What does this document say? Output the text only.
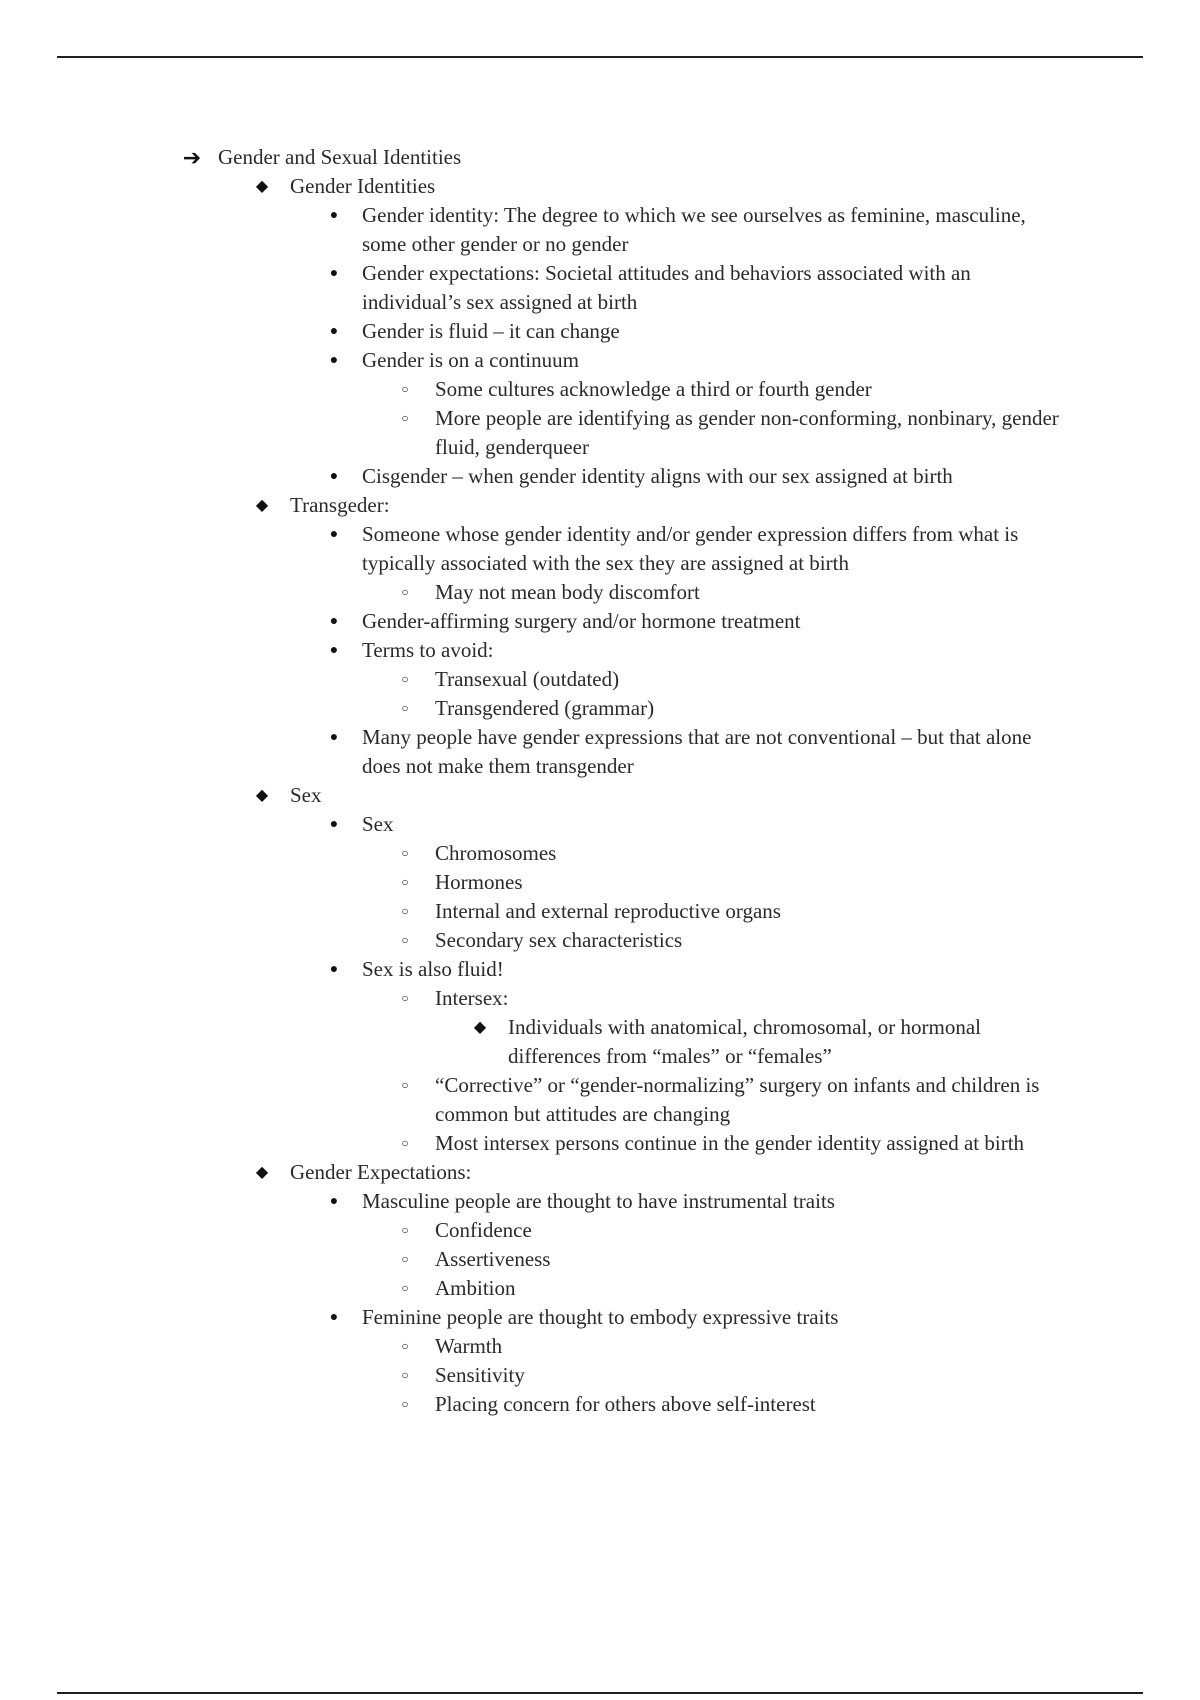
➔ Gender and Sexual Identities
◆ Gender Identities
●	Gender identity: The degree to which we see ourselves as feminine, masculine, some other gender or no gender
●	Gender expectations: Societal attitudes and behaviors associated with an individual’s sex assigned at birth
●	Gender is fluid – it can change
●	Gender is on a continuum
○	Some cultures acknowledge a third or fourth gender
○	More people are identifying as gender non-conforming, nonbinary, gender fluid, genderqueer
●	Cisgender – when gender identity aligns with our sex assigned at birth
◆ Transgeder:
●	Someone whose gender identity and/or gender expression differs from what is typically associated with the sex they are assigned at birth
○	May not mean body discomfort
●	Gender-affirming surgery and/or hormone treatment
●	Terms to avoid:
○	Transexual (outdated)
○	Transgendered (grammar)
●	Many people have gender expressions that are not conventional – but that alone does not make them transgender
◆ Sex
●	Sex
○	Chromosomes
○	Hormones
○	Internal and external reproductive organs
○	Secondary sex characteristics
●	Sex is also fluid!
○	Intersex:
◆ Individuals with anatomical, chromosomal, or hormonal differences from “males” or “females”
○	“Corrective” or “gender-normalizing” surgery on infants and children is common but attitudes are changing
○	Most intersex persons continue in the gender identity assigned at birth
◆ Gender Expectations:
●	Masculine people are thought to have instrumental traits
○	Confidence
○	Assertiveness
○	Ambition
●	Feminine people are thought to embody expressive traits
○	Warmth
○	Sensitivity
○	Placing concern for others above self-interest
